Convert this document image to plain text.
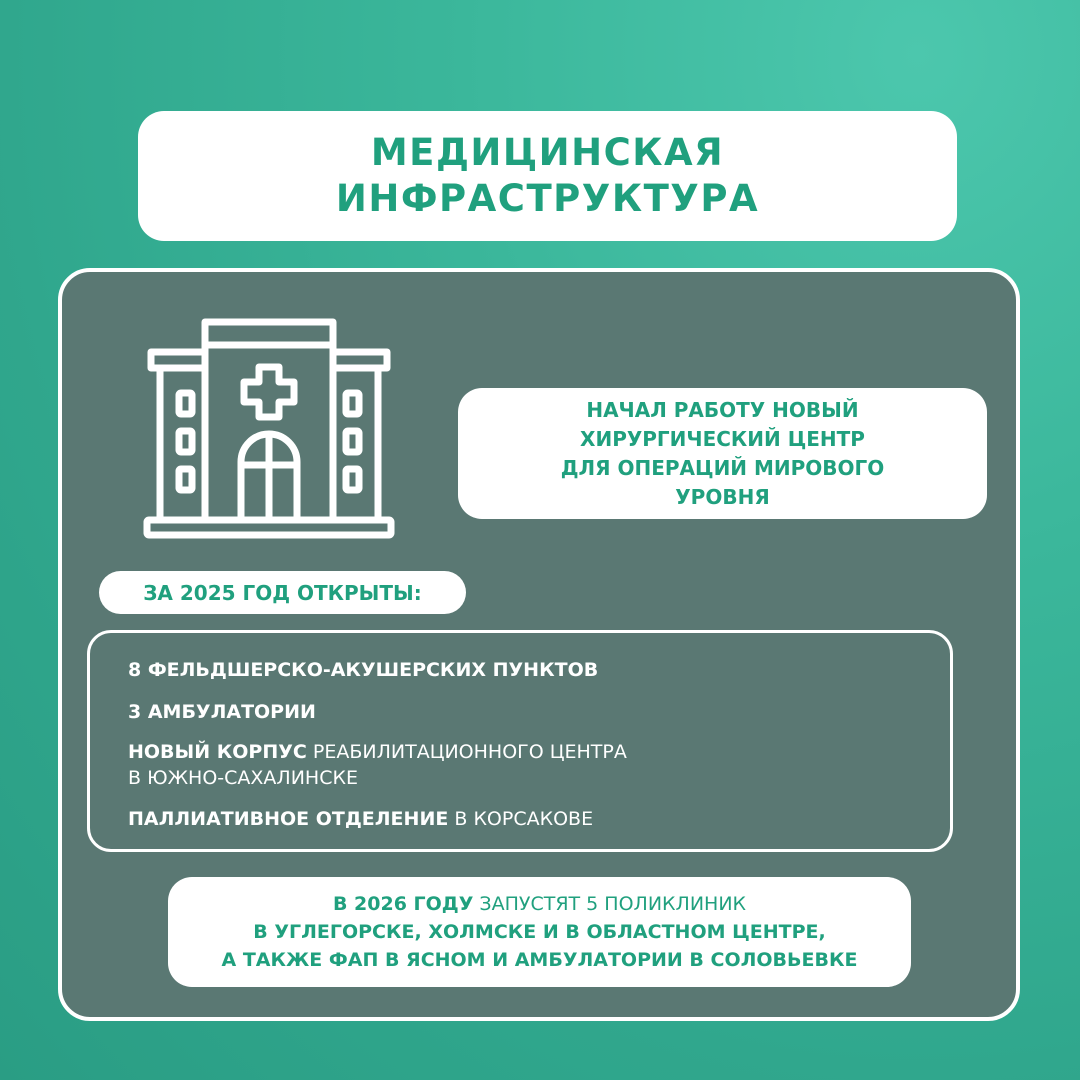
МЕДИЦИНСКАЯ
ИНФРАСТРУКТУРА
НАЧАЛ РАБОТУ НОВЫЙ
ХИРУРГИЧЕСКИЙ ЦЕНТР
ДЛЯ ОПЕРАЦИЙ МИРОВОГО
УРОВНЯ
ЗА 2025 ГОД ОТКРЫТЫ:
8 ФЕЛЬДШЕРСКО-АКУШЕРСКИХ ПУНКТОВ
3 АМБУЛАТОРИИ
НОВЫЙ КОРПУС РЕАБИЛИТАЦИОННОГО ЦЕНТРА
В ЮЖНО-САХАЛИНСКЕ
ПАЛЛИАТИВНОЕ ОТДЕЛЕНИЕ В КОРСАКОВЕ
В 2026 ГОДУ ЗАПУСТЯТ 5 ПОЛИКЛИНИК
В УГЛЕГОРСКЕ, ХОЛМСКЕ И В ОБЛАСТНОМ ЦЕНТРЕ,
А ТАКЖЕ ФАП В ЯСНОМ И АМБУЛАТОРИИ В СОЛОВЬЕВКЕ
